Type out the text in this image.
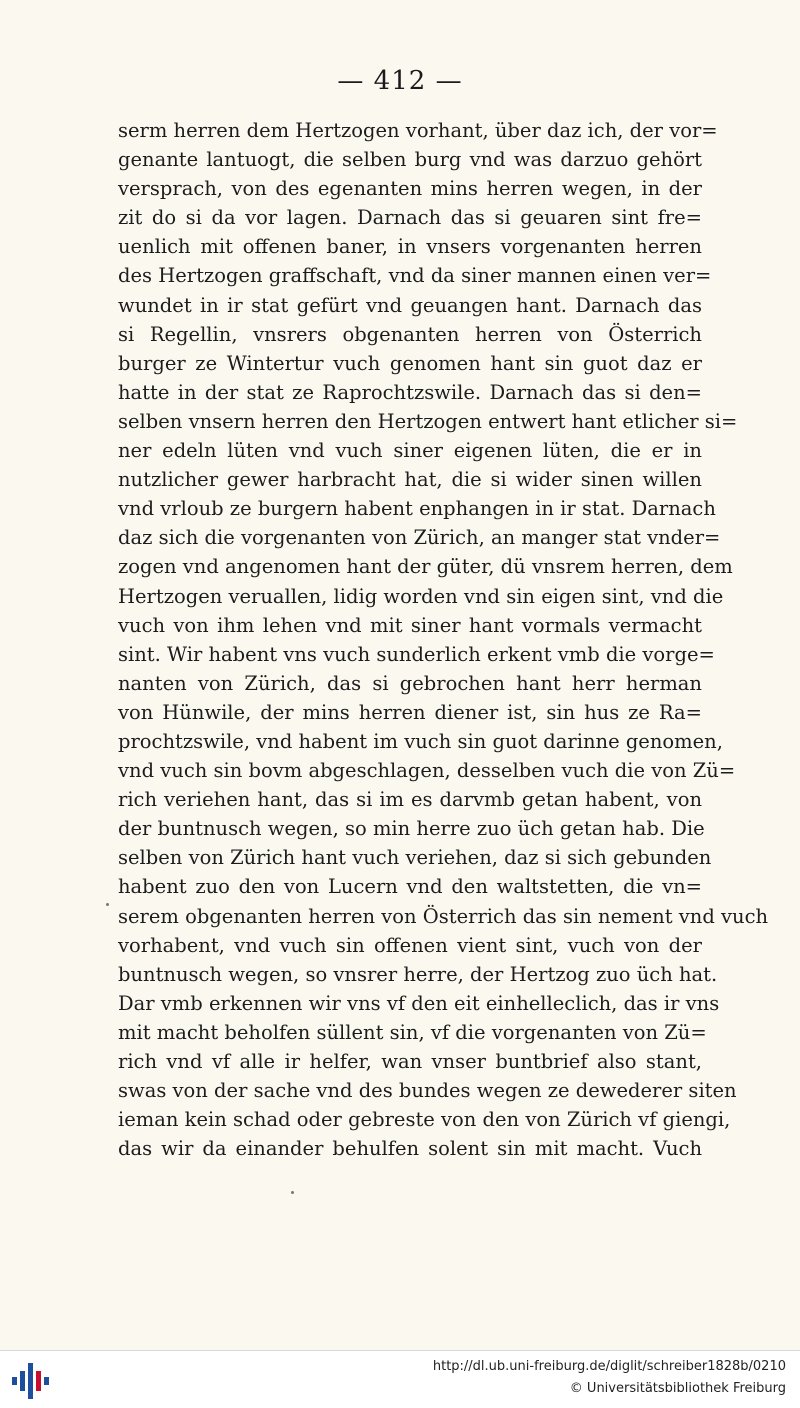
— 412 —
serm herren dem Hertzogen vorhant, über daz ich, der vor=
genante lantuogt, die selben burg vnd was darzuo gehört
versprach, von des egenanten mins herren wegen, in der
zit do si da vor lagen. Darnach das si geuaren sint fre=
uenlich mit offenen baner, in vnsers vorgenanten herren
des Hertzogen graffschaft, vnd da siner mannen einen ver=
wundet in ir stat gefürt vnd geuangen hant. Darnach das
si Regellin, vnsrers obgenanten herren von Österrich
burger ze Wintertur vuch genomen hant sin guot daz er
hatte in der stat ze Raprochtzswile. Darnach das si den=
selben vnsern herren den Hertzogen entwert hant etlicher si=
ner edeln lüten vnd vuch siner eigenen lüten, die er in
nutzlicher gewer harbracht hat, die si wider sinen willen
vnd vrloub ze burgern habent enphangen in ir stat. Darnach
daz sich die vorgenanten von Zürich, an manger stat vnder=
zogen vnd angenomen hant der güter, dü vnsrem herren, dem
Hertzogen veruallen, lidig worden vnd sin eigen sint, vnd die
vuch von ihm lehen vnd mit siner hant vormals vermacht
sint. Wir habent vns vuch sunderlich erkent vmb die vorge=
nanten von Zürich, das si gebrochen hant herr herman
von Hünwile, der mins herren diener ist, sin hus ze Ra=
prochtzswile, vnd habent im vuch sin guot darinne genomen,
vnd vuch sin bovm abgeschlagen, desselben vuch die von Zü=
rich veriehen hant, das si im es darvmb getan habent, von
der buntnusch wegen, so min herre zuo üch getan hab. Die
selben von Zürich hant vuch veriehen, daz si sich gebunden
habent zuo den von Lucern vnd den waltstetten, die vn=
serem obgenanten herren von Österrich das sin nement vnd vuch
vorhabent, vnd vuch sin offenen vient sint, vuch von der
buntnusch wegen, so vnsrer herre, der Hertzog zuo üch hat.
Dar vmb erkennen wir vns vf den eit einhelleclich, das ir vns
mit macht beholfen süllent sin, vf die vorgenanten von Zü=
rich vnd vf alle ir helfer, wan vnser buntbrief also stant,
swas von der sache vnd des bundes wegen ze dewederer siten
ieman kein schad oder gebreste von den von Zürich vf giengi,
das wir da einander behulfen solent sin mit macht. Vuch
http://dl.ub.uni-freiburg.de/diglit/schreiber1828b/0210
© Universitätsbibliothek Freiburg
